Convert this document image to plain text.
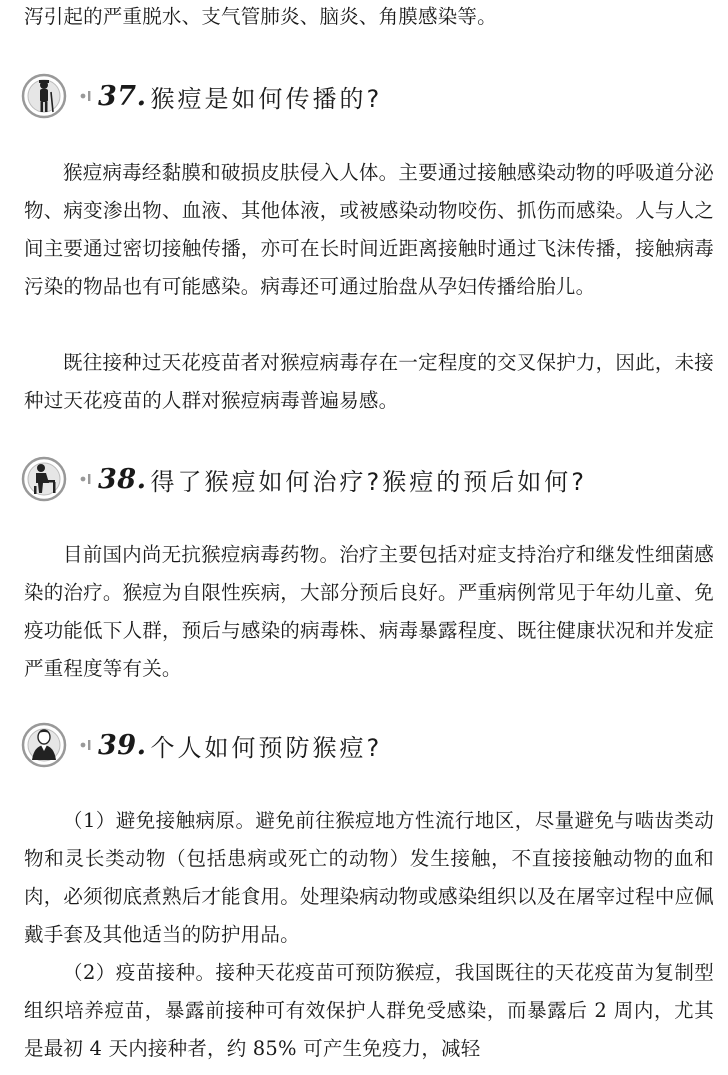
泻引起的严重脱水、支气管肺炎、脑炎、角膜感染等。

37. 猴痘是如何传播的?

猴痘病毒经黏膜和破损皮肤侵入人体。主要通过接触感染动物的呼吸道分泌物、病变渗出物、血液、其他体液，或被感染动物咬伤、抓伤而感染。人与人之间主要通过密切接触传播，亦可在长时间近距离接触时通过飞沫传播，接触病毒污染的物品也有可能感染。病毒还可通过胎盘从孕妇传播给胎儿。

既往接种过天花疫苗者对猴痘病毒存在一定程度的交叉保护力，因此，未接种过天花疫苗的人群对猴痘病毒普遍易感。

38. 得了猴痘如何治疗?猴痘的预后如何?

目前国内尚无抗猴痘病毒药物。治疗主要包括对症支持治疗和继发性细菌感染的治疗。猴痘为自限性疾病，大部分预后良好。严重病例常见于年幼儿童、免疫功能低下人群，预后与感染的病毒株、病毒暴露程度、既往健康状况和并发症严重程度等有关。

39. 个人如何预防猴痘?

（1）避免接触病原。避免前往猴痘地方性流行地区，尽量避免与啮齿类动物和灵长类动物（包括患病或死亡的动物）发生接触，不直接接触动物的血和肉，必须彻底煮熟后才能食用。处理染病动物或感染组织以及在屠宰过程中应佩戴手套及其他适当的防护用品。

（2）疫苗接种。接种天花疫苗可预防猴痘，我国既往的天花疫苗为复制型组织培养痘苗，暴露前接种可有效保护人群免受感染，而暴露后 2 周内，尤其是最初 4 天内接种者，约 85% 可产生免疫力，减轻
